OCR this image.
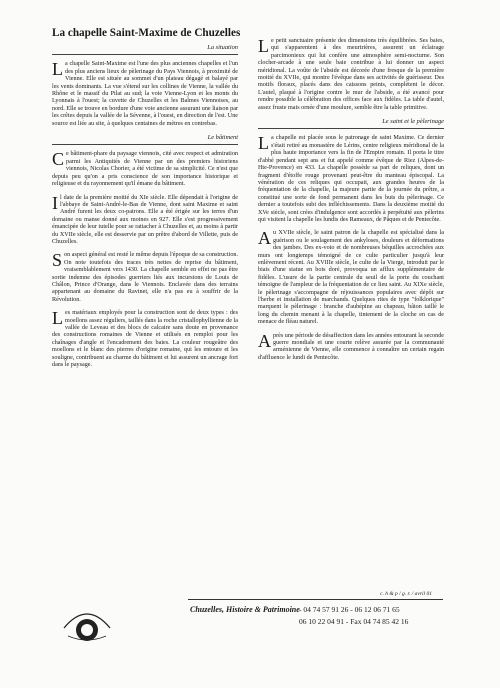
La chapelle Saint-Maxime de Chuzelles
La situation

La chapelle Saint-Maxime est l'une des plus anciennes chapelles et l'un des plus anciens lieux de pèlerinage du Pays Viennois, à proximité de Vienne. Elle est située au sommet d'un plateau dégagé et balayé par les vents dominants. La vue s'étend sur les collines de Vienne, la vallée du Rhône et le massif du Pilat au sud; la voie Vienne-Lyon et les monts du Lyonnais à l'ouest; la cuvette de Chuzelles et les Balmes Viennoises, au nord. Elle se trouve en bordure d'une voie ancienne assurant une liaison par les crêtes depuis la vallée de la Sévenne, à l'ouest, en direction de l'est. Une source est liée au site, à quelques centaines de mètres en contrebas.

Le bâtiment

Ce bâtiment-phare du paysage viennois, cité avec respect et admiration parmi les Antiquités de Vienne par un des premiers historiens viennois, Nicolas Chorier, a été victime de sa simplicité. Ce n'est que depuis peu qu'on a pris conscience de son importance historique et religieuse et du rayonnement qu'il émane du bâtiment.

Il date de la première moitié du XIe siècle. Elle dépendait à l'origine de l'abbaye de Saint-André-le-Bas de Vienne, dont saint Maxime et saint André furent les deux co-patrons. Elle a été érigée sur les terres d'un domaine ou manse donné aux moines en 927. Elle s'est progressivement émancipée de leur tutelle pour se rattacher à Chuzelles et, au moins à partir du XVIIe siècle, elle est desservie par un prêtre d'abord de Villette, puis de Chuzelles.

Son aspect général est resté le même depuis l'époque de sa construction. On note toutefois des traces très nettes de reprise du bâtiment, vraisemblablement vers 1430. La chapelle semble en effet ne pas être sortie indemne des épisodes guerriers liés aux incursions de Louis de Châlon, Prince d'Orange, dans le Viennois. Enclavée dans des terrains appartenant au domaine du Ravinet, elle n'a pas eu à souffrir de la Révolution.

Les matériaux employés pour la construction sont de deux types : des moellons assez réguliers, taillés dans la roche cristallophyllienne de la vallée de Leveau et des blocs de calcaire sans doute en provenance des constructions romaines de Vienne et utilisés en remploi pour les chaînages d'angle et l'encadrement des baies. La couleur rougeâtre des moellons et le blanc des pierres d'origine romaine, qui les entoure et les souligne, contribuent au charme du bâtiment et lui assurent un ancrage fort dans le paysage.

Le petit sanctuaire présente des dimensions très équilibrées. Ses baies, qui s'apparentent à des meurtrières, assurent un éclairage parcimonieux qui lui confère une atmosphère semi-nocturne. Son clocher-arcade à une seule baie contribue à lui donner un aspect méridional. La voûte de l'abside est décorée d'une fresque de la première moitié du XVIIe, qui montre l'évêque dans ses activités de guérisseur. Des motifs floraux, placés dans des caissons peints, complètent le décor. L'autel, plaqué à l'origine contre le mur de l'abside, a été avancé pour rendre possible la célébration des offices face aux fidèles. La table d'autel, assez fruste mais ornée d'une moulure, semble être la table primitive.

Le saint et le pèlerinage

La chapelle est placée sous le patronage de saint Maxime. Ce dernier s'était retiré au monastère de Lérins, centre religieux méridional de la plus haute importance vers la fin de l'Empire romain. Il porta le titre d'abbé pendant sept ans et fut appelé comme évêque de Riez (Alpes-de-Hte-Provence) en 433. La chapelle possède sa part de reliques, dont un fragment d'étoffe rouge provenant peut-être du manteau épiscopal. La vénération de ces reliques qui occupait, aux grandes heures de la fréquentation de la chapelle, la majeure partie de la journée du prêtre, a constitué une sorte de fond permanent dans les buts du pèlerinage. Ce dernier a toutefois subi des infléchissements. Dans la deuxième moitié du XVe siècle, sont crées d'indulgence sont accordés à perpétuité aux pèlerins qui visitent la chapelle les lundis des Rameaux, de Pâques et de Pentecôte.

Au XVIIe siècle, le saint patron de la chapelle est spécialisé dans la guérison ou le soulagement des ankyloses, douleurs et déformations des jambes. Des ex-voto et de nombreuses béquilles accrochées aux murs ont longtemps témoigné de ce culte particulier jusqu'à leur enlèvement récent. Au XVIIIe siècle, le culte de la Vierge, introduit par le biais d'une statue en bois doré, provoqua un afflux supplémentaire de fidèles. L'usure de la partie centrale du seuil de la porte du couchant témoigne de l'ampleur de la fréquentation de ce lieu saint. Au XIXe siècle, le pèlerinage s'accompagne de réjouissances populaires avec dépôt sur l'herbe et installation de marchands. Quelques rites de type "folklorique" marquent le pèlerinage : branche d'aubépine au chapeau, bâton taillé le long du chemin menant à la chapelle, tintement de la cloche en cas de menace de fléau naturel.

Après une période de désaffection dans les années entourant la seconde guerre mondiale et une courte relève assurée par la communauté arménienne de Vienne, elle commence à connaître un certain regain d'affluence le lundi de Pentecôte.

c. h & p / g. r. / avril 01
Chuzelles, Histoire & Patrimoine - 04 74 57 91 26 - 06 12 06 71 65
06 10 22 04 91 - Fax 04 74 85 42 16
